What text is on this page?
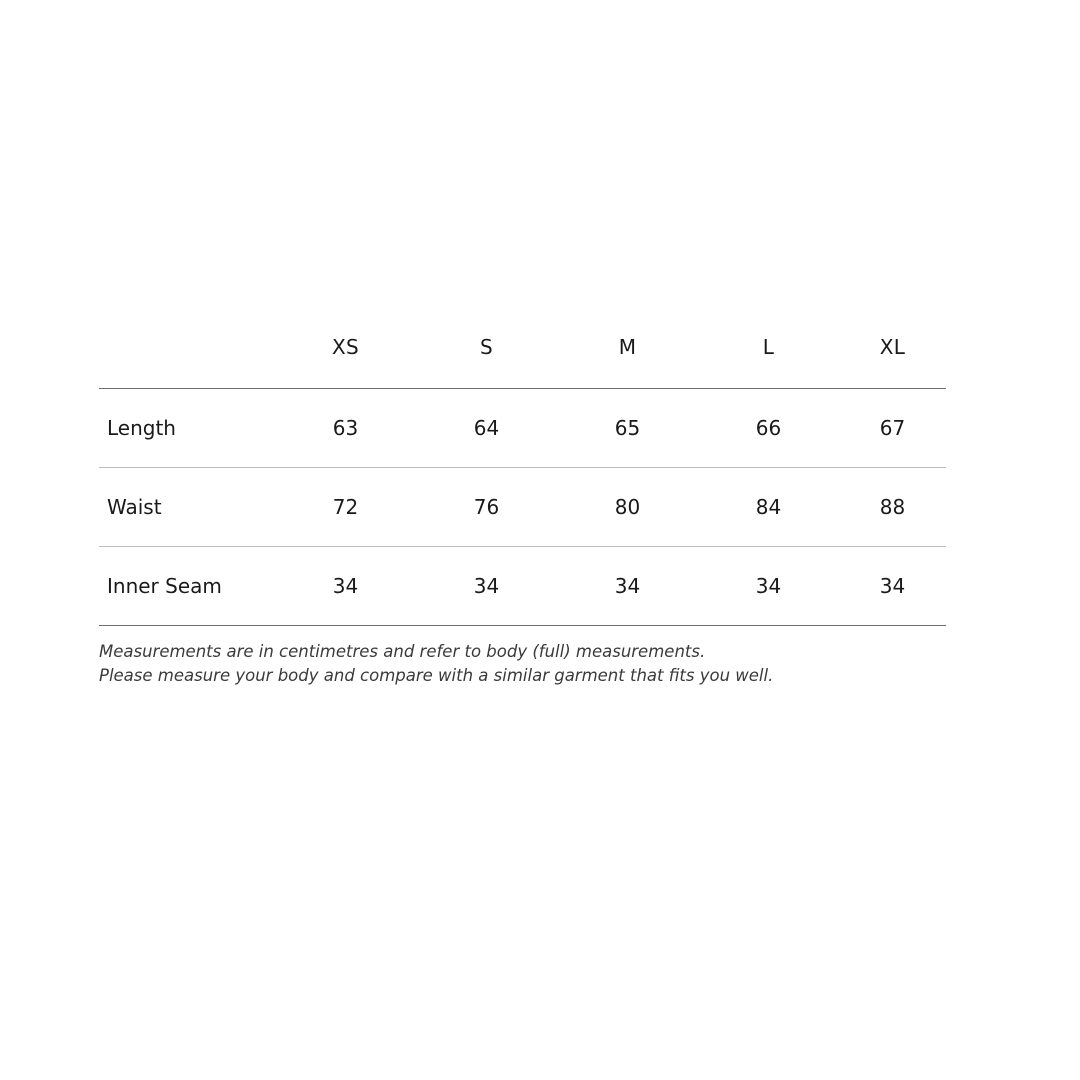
	XS	S	M	L	XL
Length	63	64	65	66	67
Waist	72	76	80	84	88
Inner Seam	34	34	34	34	34

Measurements are in centimetres and refer to body (full) measurements.

Please measure your body and compare with a similar garment that fits you well.
